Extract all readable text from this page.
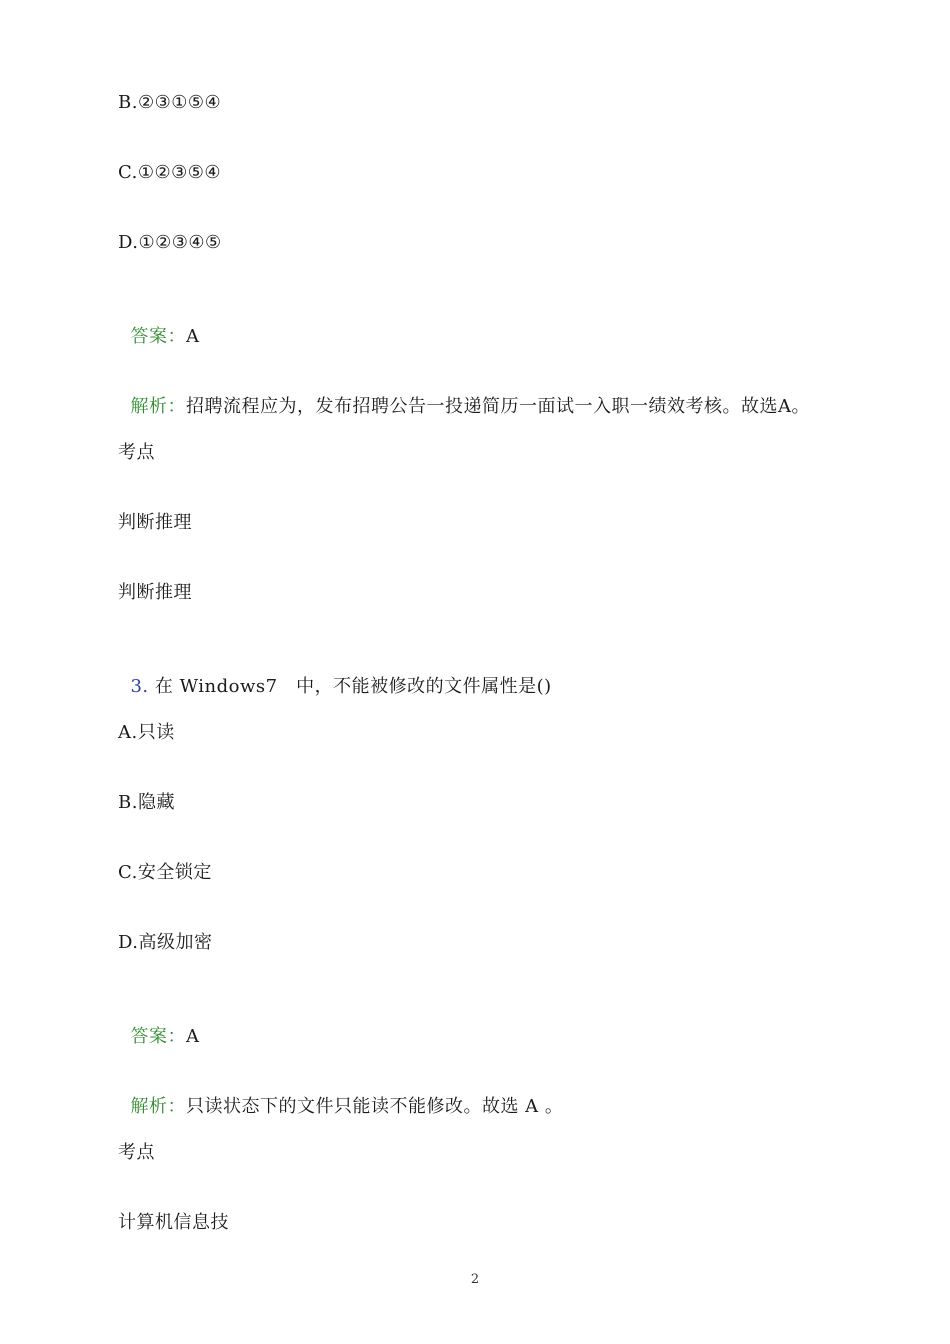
B.②③①⑤④
C.①②③⑤④
D.①②③④⑤

答案：A

解析：招聘流程应为，发布招聘公告一投递简历一面试一入职一绩效考核。故选A。

考点
判断推理
判断推理

3. 在 Windows7　中，不能被修改的文件属性是()

A.只读
B.隐藏
C.安全锁定
D.高级加密

答案：A

解析：只读状态下的文件只能读不能修改。故选 A 。

考点
计算机信息技
2
